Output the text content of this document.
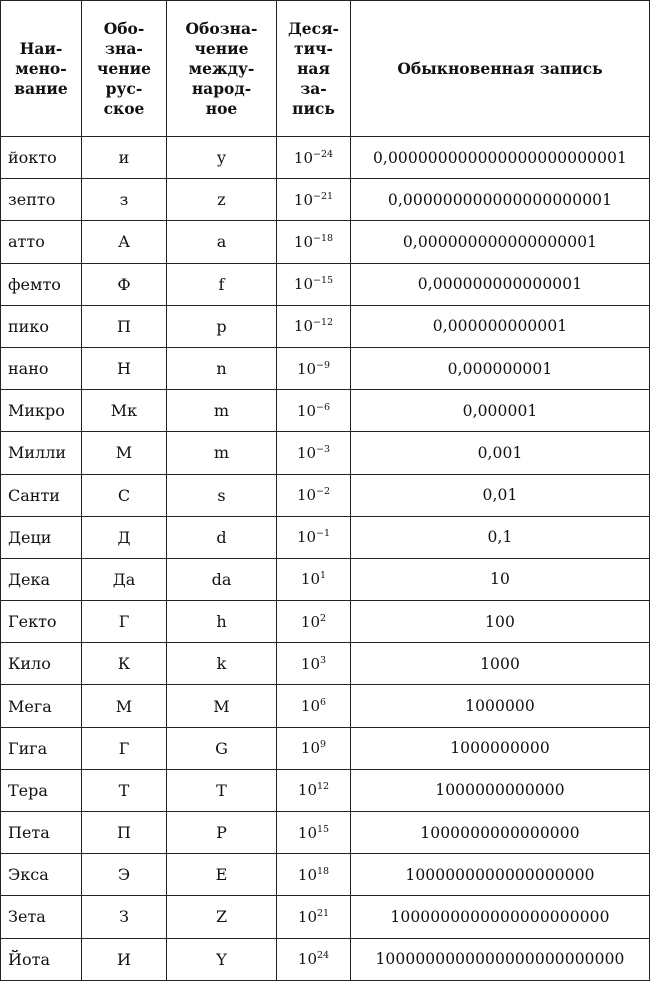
Наи-
мено-
вание	Обо-
зна-
чение
рус-
ское	Обозна-
чение
между-
народ-
ное	Деся-
тич-
ная
за-
пись	Обыкновенная запись
йокто	и	y	$10^{-24}$	0,000000000000000000000001
зепто	з	z	$10^{-21}$	0,000000000000000000001
атто	А	a	$10^{-18}$	0,000000000000000001
фемто	Ф	f	$10^{-15}$	0,000000000000001
пико	П	p	$10^{-12}$	0,000000000001
нано	Н	n	$10^{-9}$	0,000000001
Микро	Мк	m	$10^{-6}$	0,000001
Милли	М	m	$10^{-3}$	0,001
Санти	С	s	$10^{-2}$	0,01
Деци	Д	d	$10^{-1}$	0,1
Дека	Да	da	$10^1$	10
Гекто	Г	h	$10^2$	100
Кило	К	k	$10^3$	1000
Мега	М	M	$10^6$	1000000
Гига	Г	G	$10^9$	1000000000
Тера	Т	T	$10^{12}$	1000000000000
Пета	П	P	$10^{15}$	1000000000000000
Экса	Э	E	$10^{18}$	1000000000000000000
Зета	З	Z	$10^{21}$	1000000000000000000000
Йота	И	Y	$10^{24}$	1000000000000000000000000
